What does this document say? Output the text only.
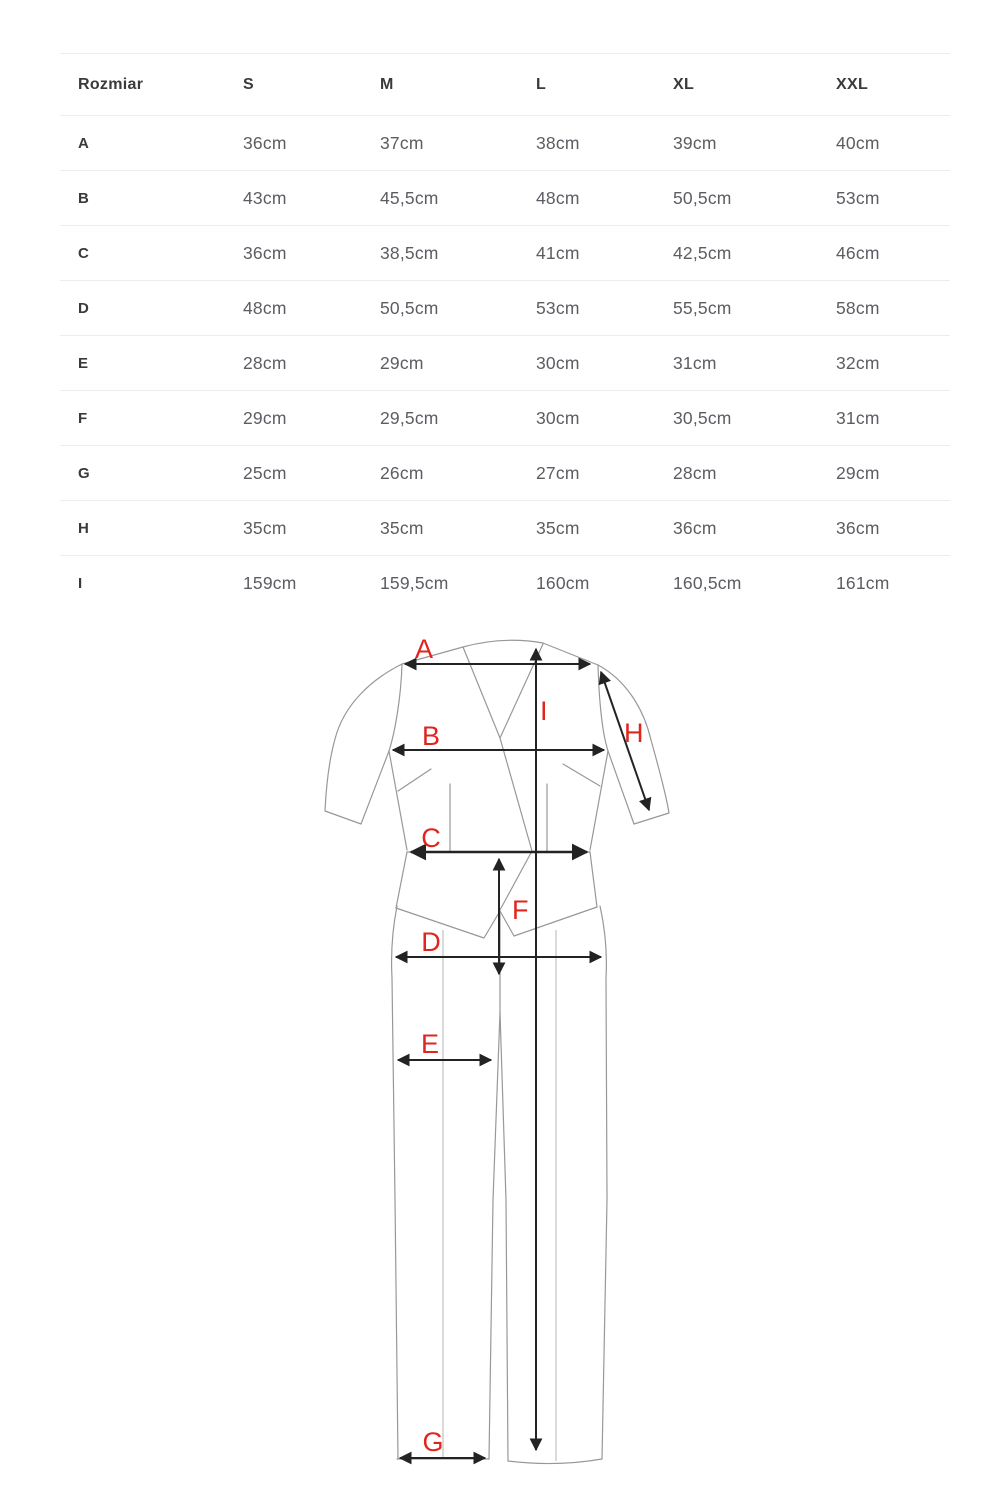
Rozmiar	S	M	L	XL	XXL
A	36cm	37cm	38cm	39cm	40cm
B	43cm	45,5cm	48cm	50,5cm	53cm
C	36cm	38,5cm	41cm	42,5cm	46cm
D	48cm	50,5cm	53cm	55,5cm	58cm
E	28cm	29cm	30cm	31cm	32cm
F	29cm	29,5cm	30cm	30,5cm	31cm
G	25cm	26cm	27cm	28cm	29cm
H	35cm	35cm	35cm	36cm	36cm
I	159cm	159,5cm	160cm	160,5cm	161cm
A
B
C
D
E
F
G
H
I
